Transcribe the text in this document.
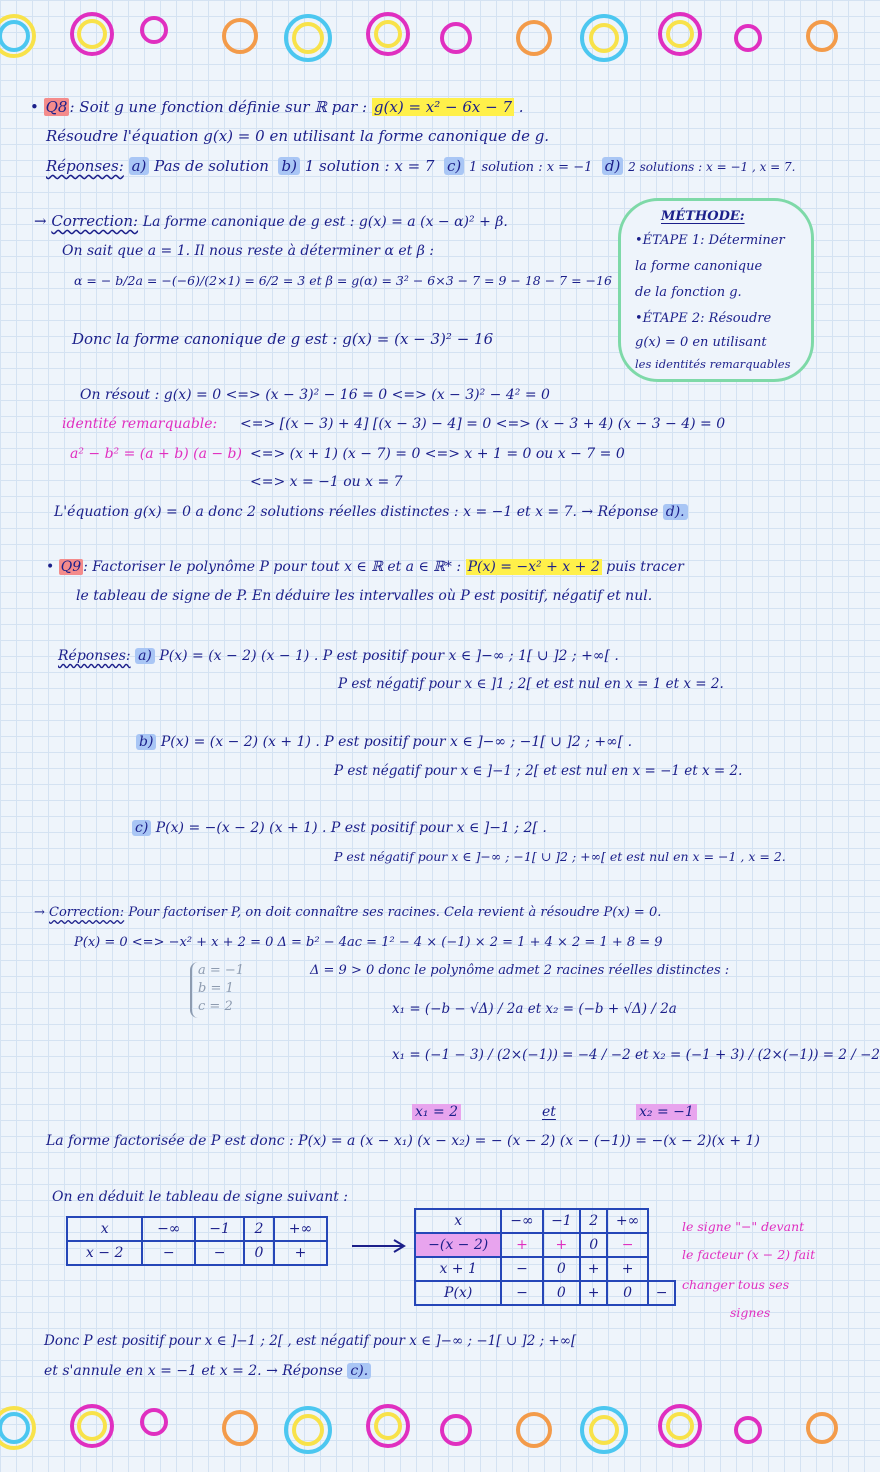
• Q8 : Soit g une fonction définie sur ℝ par : g(x) = x² − 6x − 7 .
Résoudre l'équation g(x) = 0 en utilisant la forme canonique de g.
Réponses: a) Pas de solution b) 1 solution : x = 7 c) 1 solution : x = −1 d) 2 solutions : x = −1 , x = 7.
→ Correction: La forme canonique de g est : g(x) = a (x − α)² + β.
On sait que a = 1. Il nous reste à déterminer α et β :
α = − b/2a = −(−6)/(2×1) = 6/2 = 3 et β = g(α) = 3² − 6×3 − 7 = 9 − 18 − 7 = −16
Donc la forme canonique de g est : g(x) = (x − 3)² − 16
On résout : g(x) = 0 <=> (x − 3)² − 16 = 0 <=> (x − 3)² − 4² = 0
identité remarquable: <=> [(x − 3) + 4] [(x − 3) − 4] = 0 <=> (x − 3 + 4) (x − 3 − 4) = 0
a² − b² = (a + b) (a − b) <=> (x + 1) (x − 7) = 0 <=> x + 1 = 0 ou x − 7 = 0
<=> x = −1 ou x = 7
L'équation g(x) = 0 a donc 2 solutions réelles distinctes : x = −1 et x = 7. → Réponse d).
MÉTHODE:
•ÉTAPE 1: Déterminer
la forme canonique
de la fonction g.
•ÉTAPE 2: Résoudre
g(x) = 0 en utilisant
les identités remarquables
• Q9 : Factoriser le polynôme P pour tout x ∈ ℝ et a ∈ ℝ* : P(x) = −x² + x + 2 puis tracer
le tableau de signe de P. En déduire les intervalles où P est positif, négatif et nul.
Réponses: a) P(x) = (x − 2) (x − 1) . P est positif pour x ∈ ]−∞ ; 1[ ∪ ]2 ; +∞[ .
P est négatif pour x ∈ ]1 ; 2[ et est nul en x = 1 et x = 2.
b) P(x) = (x − 2) (x + 1) . P est positif pour x ∈ ]−∞ ; −1[ ∪ ]2 ; +∞[ .
P est négatif pour x ∈ ]−1 ; 2[ et est nul en x = −1 et x = 2.
c) P(x) = −(x − 2) (x + 1) . P est positif pour x ∈ ]−1 ; 2[ .
P est négatif pour x ∈ ]−∞ ; −1[ ∪ ]2 ; +∞[ et est nul en x = −1 , x = 2.
→ Correction: Pour factoriser P, on doit connaître ses racines. Cela revient à résoudre P(x) = 0.
P(x) = 0 <=> −x² + x + 2 = 0 Δ = b² − 4ac = 1² − 4 × (−1) × 2 = 1 + 4 × 2 = 1 + 8 = 9
a = −1
b = 1
c = 2
Δ = 9 > 0 donc le polynôme admet 2 racines réelles distinctes :
x₁ = (−b − √Δ) / 2a et x₂ = (−b + √Δ) / 2a
x₁ = (−1 − 3) / (2×(−1)) = −4 / −2 et x₂ = (−1 + 3) / (2×(−1)) = 2 / −2
x₁ = 2	et	x₂ = −1
La forme factorisée de P est donc : P(x) = a (x − x₁) (x − x₂) = − (x − 2) (x − (−1)) = −(x − 2)(x + 1)
On en déduit le tableau de signe suivant :
x	−∞	−1	2	+∞
x − 2	−	−	0	+
x	−∞	−1	2	+∞	
−(x − 2)	+	+	0	−	
x + 1	−	0	+	+	
P(x)	−	0	+	0	−
le signe "−" devant
le facteur (x − 2) fait
changer tous ses
signes
Donc P est positif pour x ∈ ]−1 ; 2[ , est négatif pour x ∈ ]−∞ ; −1[ ∪ ]2 ; +∞[
et s'annule en x = −1 et x = 2. → Réponse c).
